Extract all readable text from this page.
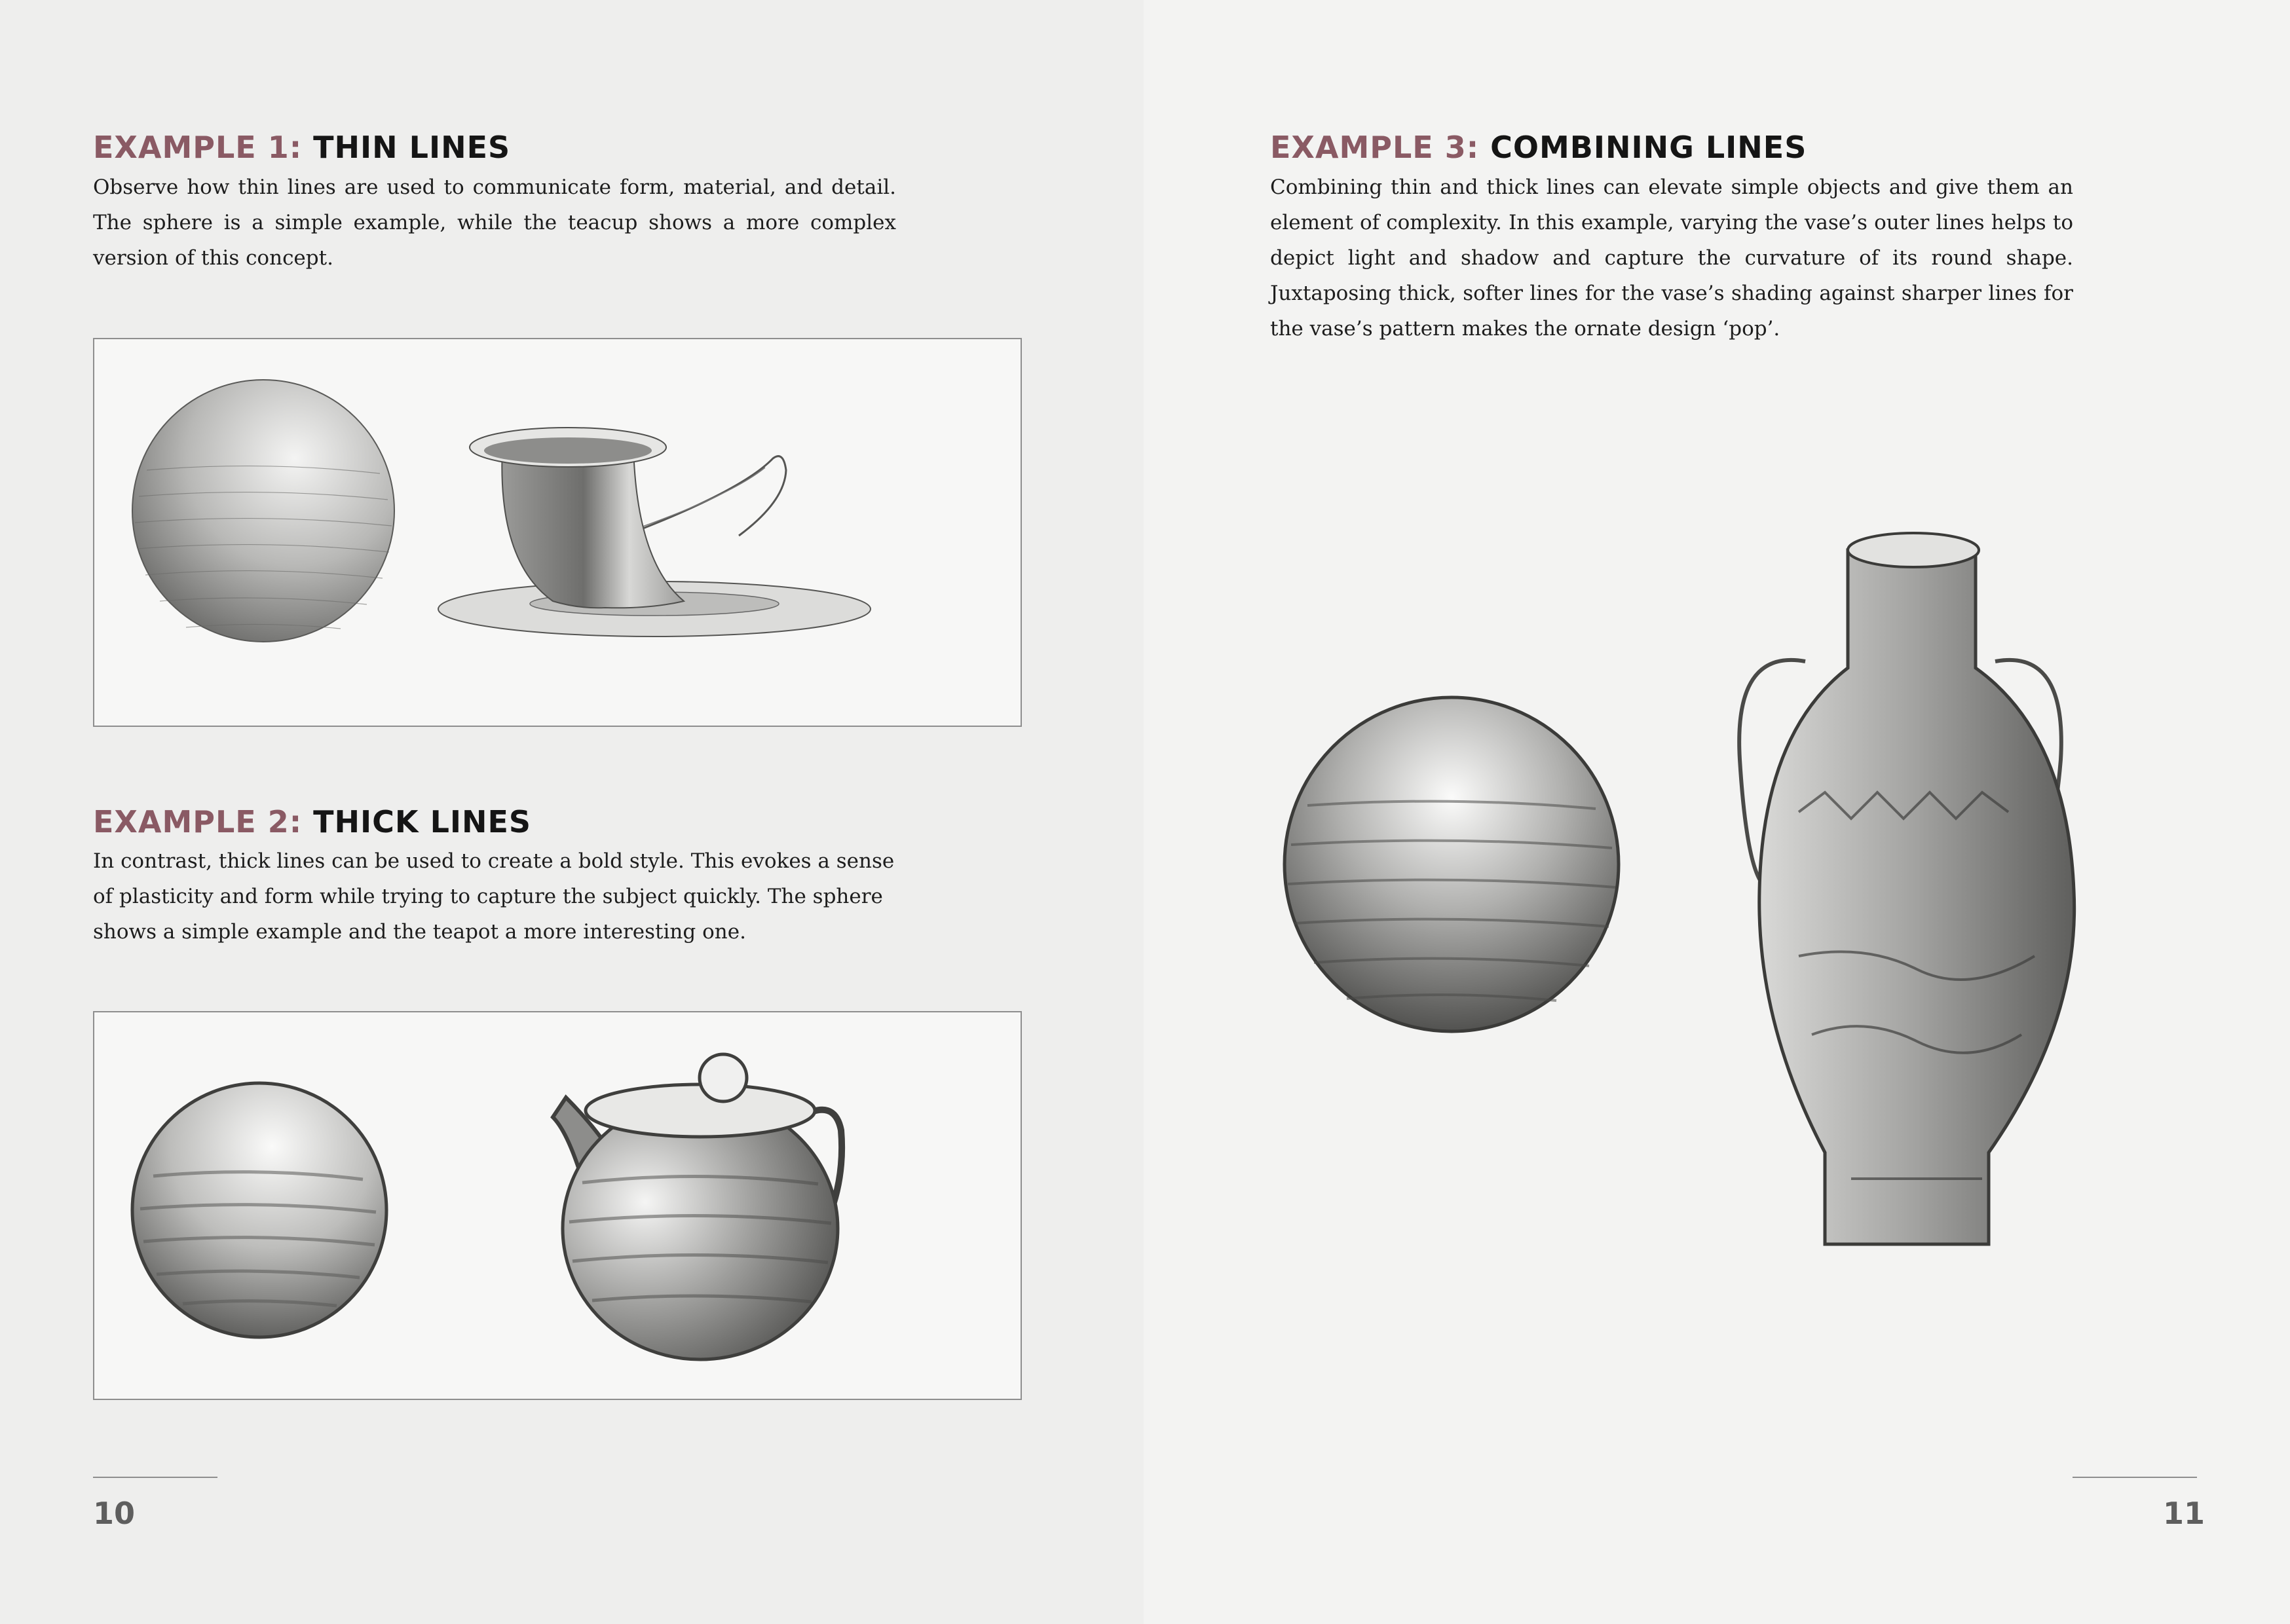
EXAMPLE 1: THIN LINES

Observe how thin lines are used to communicate form, material, and detail. The sphere is a simple example, while the teacup shows a more complex version of this concept.

EXAMPLE 2: THICK LINES

In contrast, thick lines can be used to create a bold style. This evokes a sense of plasticity and form while trying to capture the subject quickly. The sphere shows a simple example and the teapot a more interesting one.

10

EXAMPLE 3: COMBINING LINES

Combining thin and thick lines can elevate simple objects and give them an element of complexity. In this example, varying the vase’s outer lines helps to depict light and shadow and capture the curvature of its round shape. Juxtaposing thick, softer lines for the vase’s shading against sharper lines for the vase’s pattern makes the ornate design ‘pop’.

11
